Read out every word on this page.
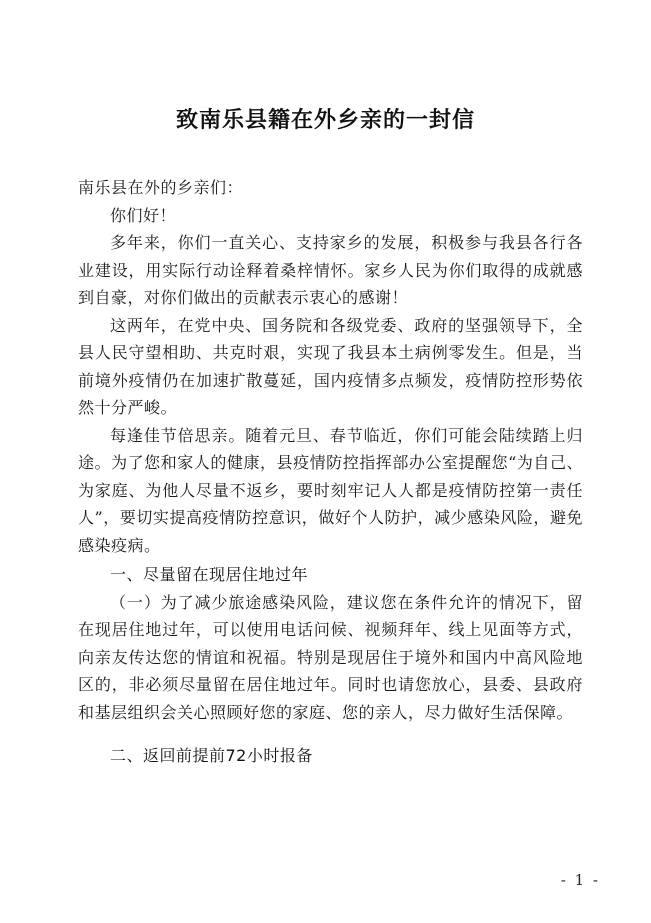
致南乐县籍在外乡亲的一封信

南乐县在外的乡亲们：

你们好！

多年来，你们一直关心、支持家乡的发展，积极参与我县各行各业建设，用实际行动诠释着桑梓情怀。家乡人民为你们取得的成就感到自豪，对你们做出的贡献表示衷心的感谢！

这两年，在党中央、国务院和各级党委、政府的坚强领导下，全县人民守望相助、共克时艰，实现了我县本土病例零发生。但是，当前境外疫情仍在加速扩散蔓延，国内疫情多点频发，疫情防控形势依然十分严峻。

每逢佳节倍思亲。随着元旦、春节临近，你们可能会陆续踏上归途。为了您和家人的健康，县疫情防控指挥部办公室提醒您“为自己、为家庭、为他人尽量不返乡，要时刻牢记人人都是疫情防控第一责任人”，要切实提高疫情防控意识，做好个人防护，减少感染风险，避免感染疫病。

一、尽量留在现居住地过年

（一）为了减少旅途感染风险，建议您在条件允许的情况下，留在现居住地过年，可以使用电话问候、视频拜年、线上见面等方式，向亲友传达您的情谊和祝福。特别是现居住于境外和国内中高风险地区的，非必须尽量留在居住地过年。同时也请您放心，县委、县政府和基层组织会关心照顾好您的家庭、您的亲人，尽力做好生活保障。

二、返回前提前72小时报备

- 1 -
